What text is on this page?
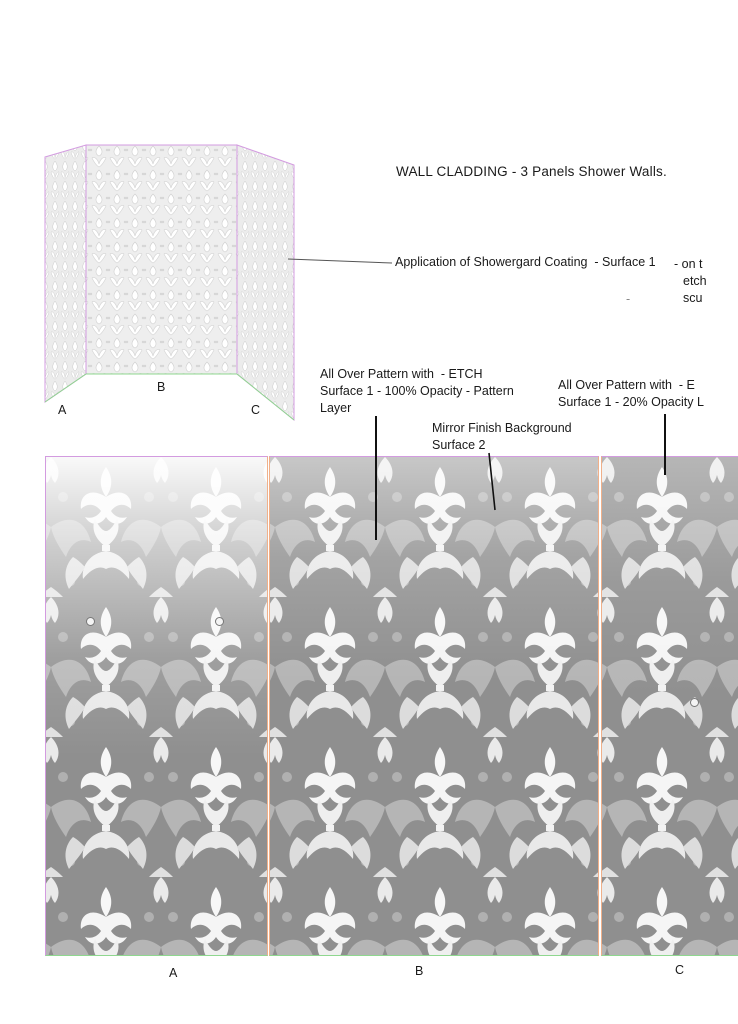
WALL CLADDING - 3 Panels Shower Walls.
Application of Showergard Coating  - Surface 1 - on t
etch
scu
-
A
B
C
All Over Pattern with  - ETCH
Surface 1 - 100% Opacity - Pattern
Layer
Mirror Finish Background
Surface 2
All Over Pattern with  - E
Surface 1 - 20% Opacity L
A	B	C
